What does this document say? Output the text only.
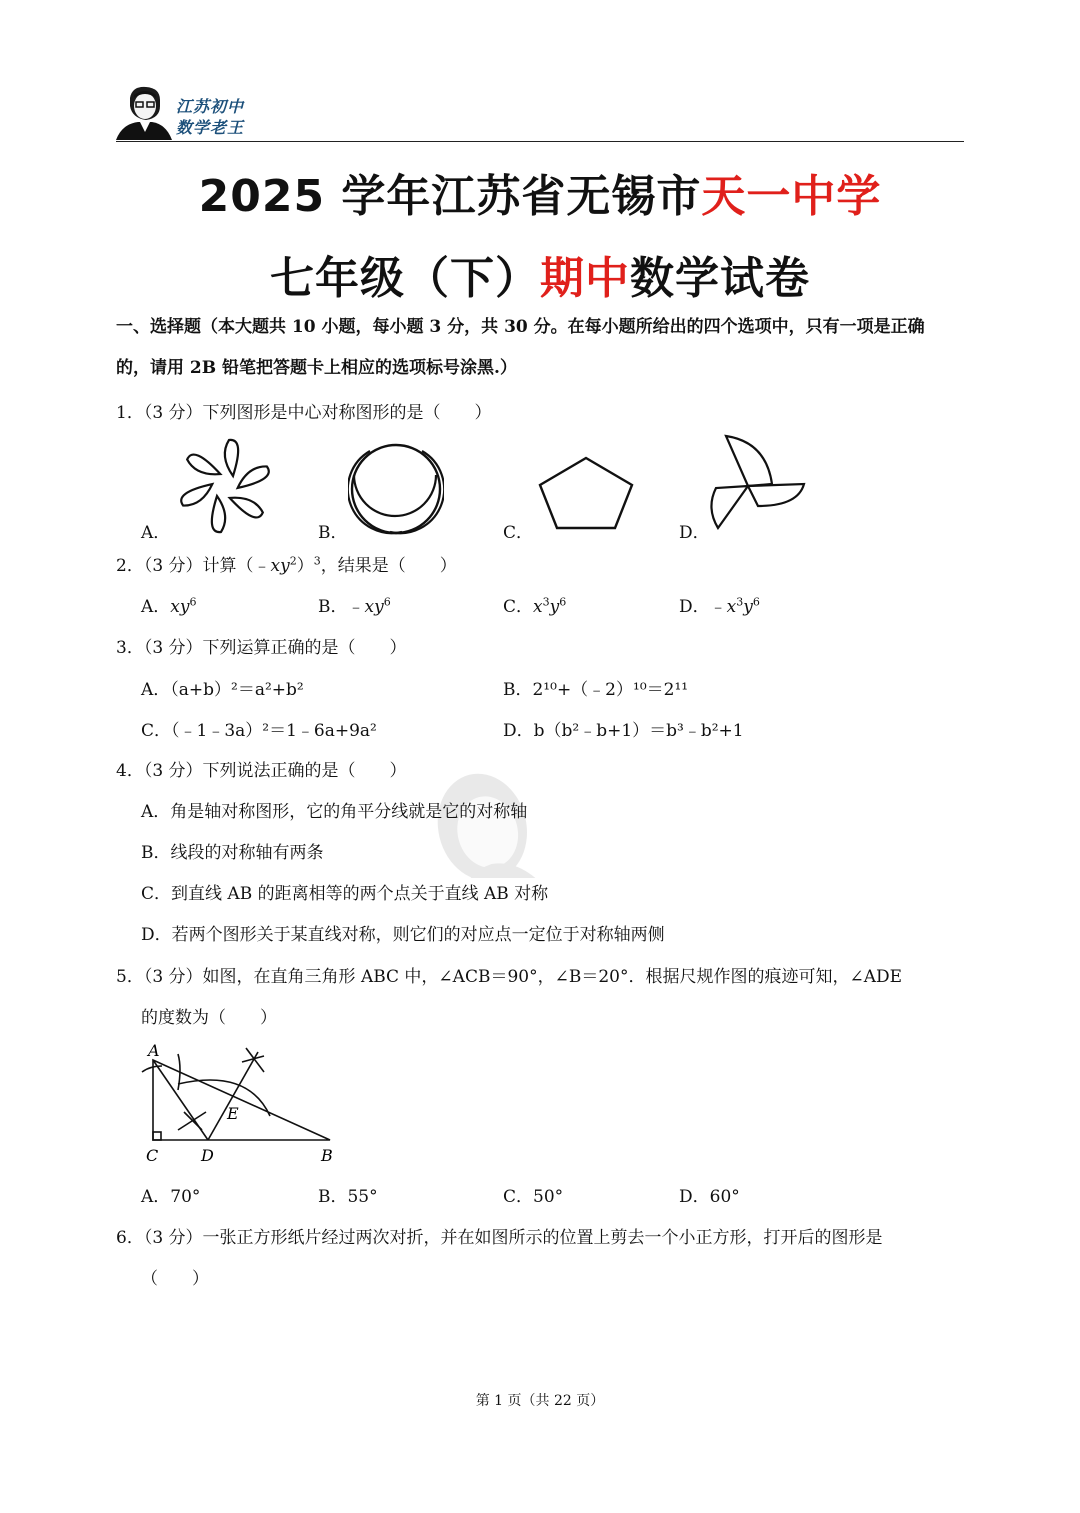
江苏初中
数学老王
2025 学年江苏省无锡市天一中学
七年级（下）期中数学试卷
一、选择题（本大题共 10 小题，每小题 3 分，共 30 分。在每小题所给出的四个选项中，只有一项是正确
的，请用 2B 铅笔把答题卡上相应的选项标号涂黑.）
1．（3 分）下列图形是中心对称图形的是（　　）
A．	B．	C．	D．
2．（3 分）计算$(﹣xy^2)^3$，结果是（　　）
A．$xy^6$	B．$﹣xy^6$	C．$x^3y^6$	D．$﹣x^3y^6$
3．（3 分）下列运算正确的是（　　）
A．（a+b）²＝a²+b²	B．2¹⁰+（﹣2）¹⁰＝2¹¹
C．（﹣1﹣3a）²＝1﹣6a+9a²	D．b（b²﹣b+1）＝b³﹣b²+1
4．（3 分）下列说法正确的是（　　）
A．角是轴对称图形，它的角平分线就是它的对称轴
B．线段的对称轴有两条
C．到直线 AB 的距离相等的两个点关于直线 AB 对称
D．若两个图形关于某直线对称，则它们的对应点一定位于对称轴两侧
5．（3 分）如图，在直角三角形 ABC 中，∠ACB＝90°，∠B＝20°．根据尺规作图的痕迹可知，∠ADE
的度数为（　　）
A
C	D	B
E
A．70°	B．55°	C．50°	D．60°
6．（3 分）一张正方形纸片经过两次对折，并在如图所示的位置上剪去一个小正方形，打开后的图形是
（　　）
第 1 页（共 22 页）
